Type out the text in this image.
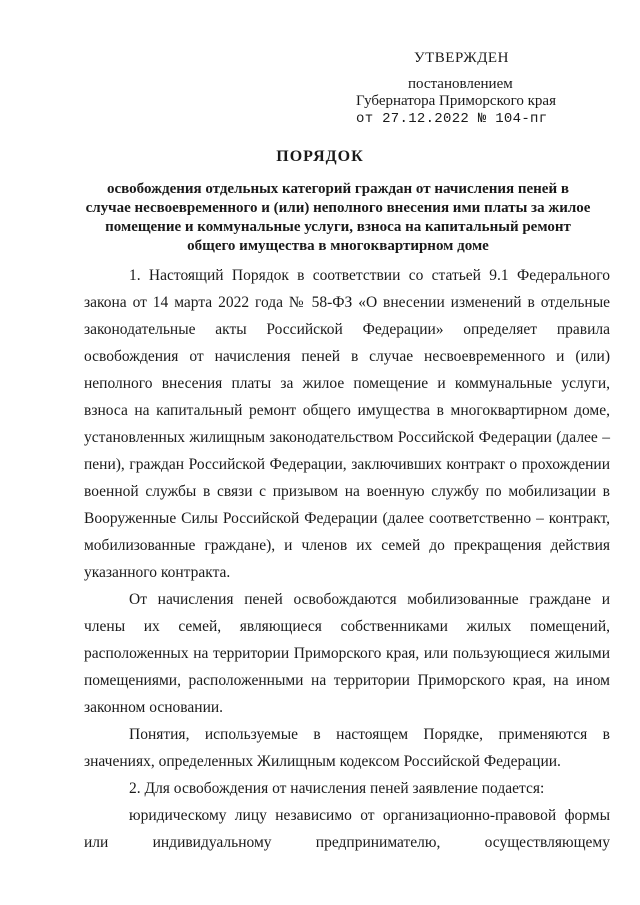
УТВЕРЖДЕН
постановлением
Губернатора Приморского края
от 27.12.2022 № 104-пг
ПОРЯДОК
освобождения отдельных категорий граждан от начисления пеней в случае несвоевременного и (или) неполного внесения ими платы за жилое помещение и коммунальные услуги, взноса на капитальный ремонт общего имущества в многоквартирном доме

1. Настоящий Порядок в соответствии со статьей 9.1 Федерального закона от 14 марта 2022 года № 58-ФЗ «О внесении изменений в отдельные законодательные акты Российской Федерации» определяет правила освобождения от начисления пеней в случае несвоевременного и (или) неполного внесения платы за жилое помещение и коммунальные услуги, взноса на капитальный ремонт общего имущества в многоквартирном доме, установленных жилищным законодательством Российской Федерации (далее – пени), граждан Российской Федерации, заключивших контракт о прохождении военной службы в связи с призывом на военную службу по мобилизации в Вооруженные Силы Российской Федерации (далее соответственно – контракт, мобилизованные граждане), и членов их семей до прекращения действия указанного контракта.

От начисления пеней освобождаются мобилизованные граждане и члены их семей, являющиеся собственниками жилых помещений, расположенных на территории Приморского края, или пользующиеся жилыми помещениями, расположенными на территории Приморского края, на ином законном основании.

Понятия, используемые в настоящем Порядке, применяются в значениях, определенных Жилищным кодексом Российской Федерации.

2. Для освобождения от начисления пеней заявление подается:

юридическому лицу независимо от организационно-правовой формы или индивидуальному предпринимателю, осуществляющему
